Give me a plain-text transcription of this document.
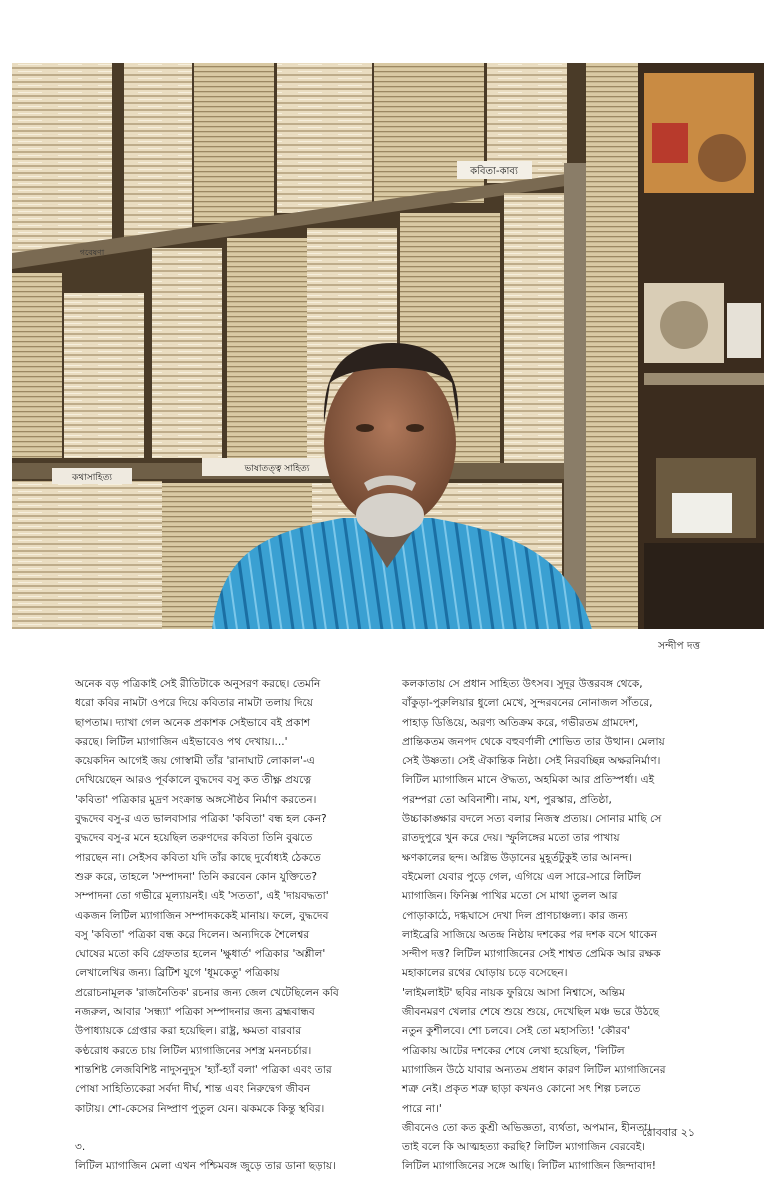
কবিতা-কাব্য
কথাসাহিত্য
ভাষাতত্ত্ব সাহিত্য
গবেষণা
সন্দীপ দত্ত

অনেক বড় পত্রিকাই সেই রীতিটাকে অনুসরণ করছে। তেমনি

ধরো কবির নামটা ওপরে দিয়ে কবিতার নামটা তলায় দিয়ে

ছাপতাম। দ্যাখা গেল অনেক প্রকাশক সেইভাবে বই প্রকাশ

করছে। লিটিল ম্যাগাজিন এইভাবেও পথ দেখায়।...'

কয়েকদিন আগেই জয় গোস্বামী তাঁর 'রানাঘাট লোকাল'-এ

দেখিয়েছেন আরও পূর্বকালে বুদ্ধদেব বসু কত তীক্ষ্ণ প্রযত্নে

'কবিতা' পত্রিকার মুদ্রণ সংক্রান্ত অঙ্গসৌষ্ঠব নির্মাণ করতেন।

বুদ্ধদেব বসু-র এত ভালবাসার পত্রিকা 'কবিতা' বন্ধ হল কেন?

বুদ্ধদেব বসু-র মনে হয়েছিল তরুণদের কবিতা তিনি বুঝতে

পারছেন না। সেইসব কবিতা যদি তাঁর কাছে দুর্বোধ্যই ঠেকতে

শুরু করে, তাহলে 'সম্পাদনা' তিনি করবেন কোন যুক্তিতে?

সম্পাদনা তো গভীরে মূল্যায়নই। এই 'সততা', এই 'দায়বদ্ধতা'

একজন লিটিল ম্যাগাজিন সম্পাদককেই মানায়। ফলে, বুদ্ধদেব

বসু 'কবিতা' পত্রিকা বন্ধ করে দিলেন। অন্যদিকে শৈলেশ্বর

ঘোষের মতো কবি গ্রেফতার হলেন 'ক্ষুধার্ত' পত্রিকার 'অশ্লীল'

লেখালেখির জন্য। ব্রিটিশ যুগে 'ধূমকেতু' পত্রিকায়

প্ররোচনামূলক 'রাজনৈতিক' রচনার জন্য জেল খেটেছিলেন কবি

নজরুল, আবার 'সন্ধ্যা' পত্রিকা সম্পাদনার জন্য ব্রহ্মবান্ধব

উপাধ্যায়কে গ্রেপ্তার করা হয়েছিল। রাষ্ট্র, ক্ষমতা বারবার

কণ্ঠরোধ করতে চায় লিটিল ম্যাগাজিনের সশস্ত্র মননচর্চার।

শান্তশিষ্ট লেজবিশিষ্ট নাদুসনুদুস 'হ্যাঁ-হ্যাঁ বলা' পত্রিকা এবং তার

পোষা সাহিত্যিকেরা সর্বদা দীর্ঘ, শান্ত এবং নিরুদ্বেগ জীবন

কাটায়। শো-কেসের নিষ্প্রাণ পুতুল যেন। ঝকমকে কিন্তু স্থবির।

৩.

লিটিল ম্যাগাজিন মেলা এখন পশ্চিমবঙ্গ জুড়ে তার ডানা ছড়ায়।

কলকাতায় সে প্রধান সাহিত্য উৎসব। সুদূর উত্তরবঙ্গ থেকে,

বাঁকুড়া-পুরুলিয়ার ধুলো মেখে, সুন্দরবনের নোনাজল সাঁতরে,

পাহাড় ডিঙিয়ে, অরণ্য অতিক্রম করে, গভীরতম গ্রামদেশ,

প্রান্তিকতম জনপদ থেকে বহুবর্ণালী শোভিত তার উত্থান। মেলায়

সেই উষ্ণতা। সেই ঐকান্তিক নিষ্ঠা। সেই নিরবচ্ছিন্ন অক্ষরনির্মাণ।

লিটিল ম্যাগাজিন মানে ঔদ্ধত্য, অহমিকা আর প্রতিস্পর্ধা। এই

পরম্পরা তো অবিনাশী। নাম, যশ, পুরস্কার, প্রতিষ্ঠা,

উচ্চাকাঙ্ক্ষার বদলে সত্য বলার নিজস্ব প্রত্যয়। সোনার মাছি সে

রাতদুপুরে খুন করে দেয়। স্ফুলিঙ্গের মতো তার পাখায়

ক্ষণকালের ছন্দ। অগ্নিভ উড়ানের মুহূর্তটুকুই তার আনন্দ।

বইমেলা যেবার পুড়ে গেল, এগিয়ে এল সারে-সারে লিটিল

ম্যাগাজিন। ফিনিক্স পাখির মতো সে মাথা তুলল আর

পোড়াকাঠে, দগ্ধঘাসে দেখা দিল প্রাণচাঞ্চল্য। কার জন্য

লাইব্রেরি সাজিয়ে অতন্দ্র নিষ্ঠায় দশকের পর দশক বসে থাকেন

সন্দীপ দত্ত? লিটিল ম্যাগাজিনের সেই শাশ্বত প্রেমিক আর রক্ষক

মহাকালের রথের ঘোড়ায় চড়ে বসেছেন।

'লাইমলাইট' ছবির নায়ক ফুরিয়ে আসা নিশ্বাসে, অন্তিম

জীবনমরণ খেলার শেষে শুয়ে শুয়ে, দেখেছিল মঞ্চ ভরে উঠছে

নতুন কুশীলবে। শো চলবে। সেই তো মহাসত্যি! 'কৌরব'

পত্রিকায় আটের দশকের শেষে লেখা হয়েছিল, 'লিটিল

ম্যাগাজিন উঠে যাবার অন্যতম প্রধান কারণ লিটিল ম্যাগাজিনের

শত্রু নেই। প্রকৃত শত্রু ছাড়া কখনও কোনো সৎ শিল্প চলতে

পারে না।'

জীবনেও তো কত কুশ্রী অভিজ্ঞতা, ব্যর্থতা, অপমান, হীনতা।

তাই বলে কি আত্মহত্যা করছি? লিটিল ম্যাগাজিন বেরবেই।

লিটিল ম্যাগাজিনের সঙ্গে আছি। লিটিল ম্যাগাজিন জিন্দাবাদ!

রোববার ২১
